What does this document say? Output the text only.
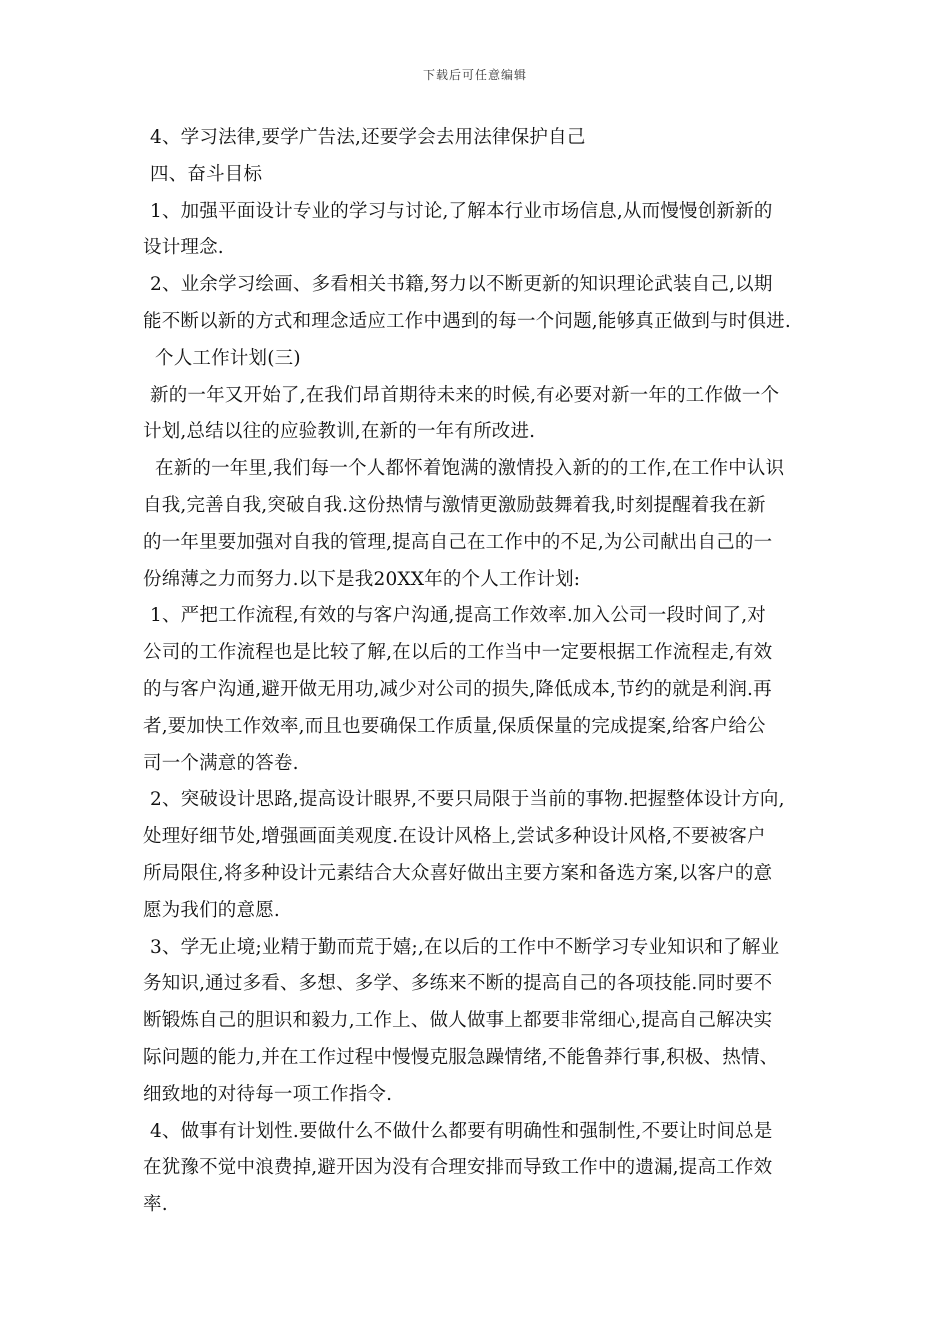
下载后可任意编辑
4、学习法律,要学广告法,还要学会去用法律保护自己
四、奋斗目标
1、加强平面设计专业的学习与讨论,了解本行业市场信息,从而慢慢创新新的
设计理念.
2、业余学习绘画、多看相关书籍,努力以不断更新的知识理论武装自己,以期
能不断以新的方式和理念适应工作中遇到的每一个问题,能够真正做到与时俱进.
个人工作计划(三)
新的一年又开始了,在我们昂首期待未来的时候,有必要对新一年的工作做一个
计划,总结以往的应验教训,在新的一年有所改进.
在新的一年里,我们每一个人都怀着饱满的激情投入新的的工作,在工作中认识
自我,完善自我,突破自我.这份热情与激情更激励鼓舞着我,时刻提醒着我在新
的一年里要加强对自我的管理,提高自己在工作中的不足,为公司献出自己的一
份绵薄之力而努力.以下是我20XX年的个人工作计划:
1、严把工作流程,有效的与客户沟通,提高工作效率.加入公司一段时间了,对
公司的工作流程也是比较了解,在以后的工作当中一定要根据工作流程走,有效
的与客户沟通,避开做无用功,减少对公司的损失,降低成本,节约的就是利润.再
者,要加快工作效率,而且也要确保工作质量,保质保量的完成提案,给客户给公
司一个满意的答卷.
2、突破设计思路,提高设计眼界,不要只局限于当前的事物.把握整体设计方向,
处理好细节处,增强画面美观度.在设计风格上,尝试多种设计风格,不要被客户
所局限住,将多种设计元素结合大众喜好做出主要方案和备选方案,以客户的意
愿为我们的意愿.
3、学无止境;业精于勤而荒于嬉;,在以后的工作中不断学习专业知识和了解业
务知识,通过多看、多想、多学、多练来不断的提高自己的各项技能.同时要不
断锻炼自己的胆识和毅力,工作上、做人做事上都要非常细心,提高自己解决实
际问题的能力,并在工作过程中慢慢克服急躁情绪,不能鲁莽行事,积极、热情、
细致地的对待每一项工作指令.
4、做事有计划性.要做什么不做什么都要有明确性和强制性,不要让时间总是
在犹豫不觉中浪费掉,避开因为没有合理安排而导致工作中的遗漏,提高工作效
率.
